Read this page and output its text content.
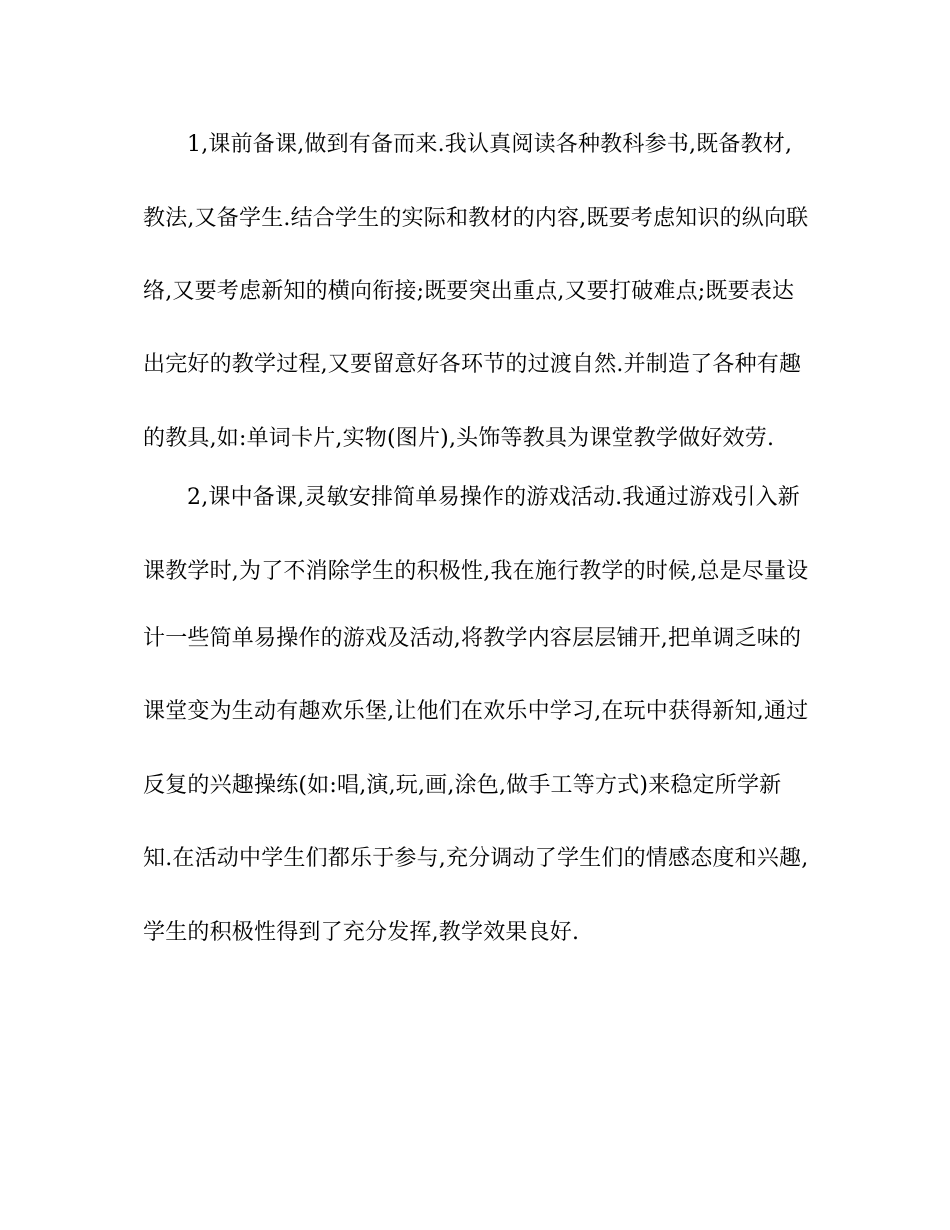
1,课前备课,做到有备而来.我认真阅读各种教科参书,既备教材,
教法,又备学生.结合学生的实际和教材的内容,既要考虑知识的纵向联
络,又要考虑新知的横向衔接;既要突出重点,又要打破难点;既要表达
出完好的教学过程,又要留意好各环节的过渡自然.并制造了各种有趣
的教具,如:单词卡片,实物(图片),头饰等教具为课堂教学做好效劳.
2,课中备课,灵敏安排简单易操作的游戏活动.我通过游戏引入新
课教学时,为了不消除学生的积极性,我在施行教学的时候,总是尽量设
计一些简单易操作的游戏及活动,将教学内容层层铺开,把单调乏味的
课堂变为生动有趣欢乐堡,让他们在欢乐中学习,在玩中获得新知,通过
反复的兴趣操练(如:唱,演,玩,画,涂色,做手工等方式)来稳定所学新
知.在活动中学生们都乐于参与,充分调动了学生们的情感态度和兴趣,
学生的积极性得到了充分发挥,教学效果良好.
